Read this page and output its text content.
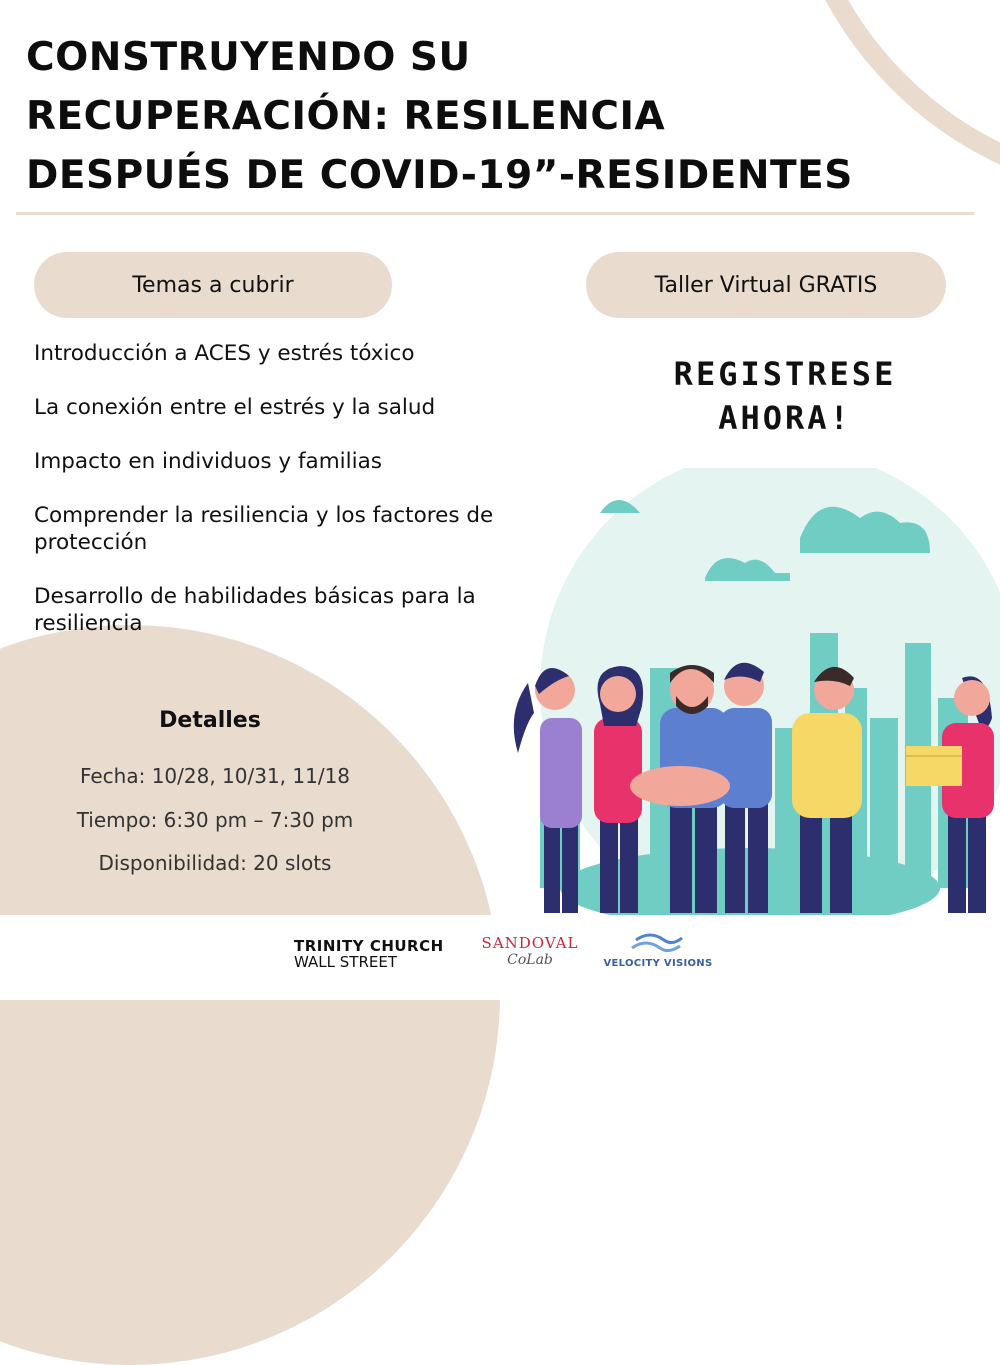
CONSTRUYENDO SU
RECUPERACIÓN: RESILENCIA
DESPUÉS DE COVID-19”-RESIDENTES
Temas a cubrir	Taller Virtual GRATIS
Introducción a ACES y estrés tóxico
La conexión entre el estrés y la salud
Impacto en individuos y familias
Comprender la resiliencia y los factores de protección
Desarrollo de habilidades básicas para la resiliencia
REGISTRESE
AHORA!
Detalles
Fecha: 10/28, 10/31, 11/18
Tiempo: 6:30 pm – 7:30 pm
Disponibilidad: 20 slots
TRINITY CHURCH
WALL STREET
SANDOVAL
CoLab	VELOCITY VISIONS
